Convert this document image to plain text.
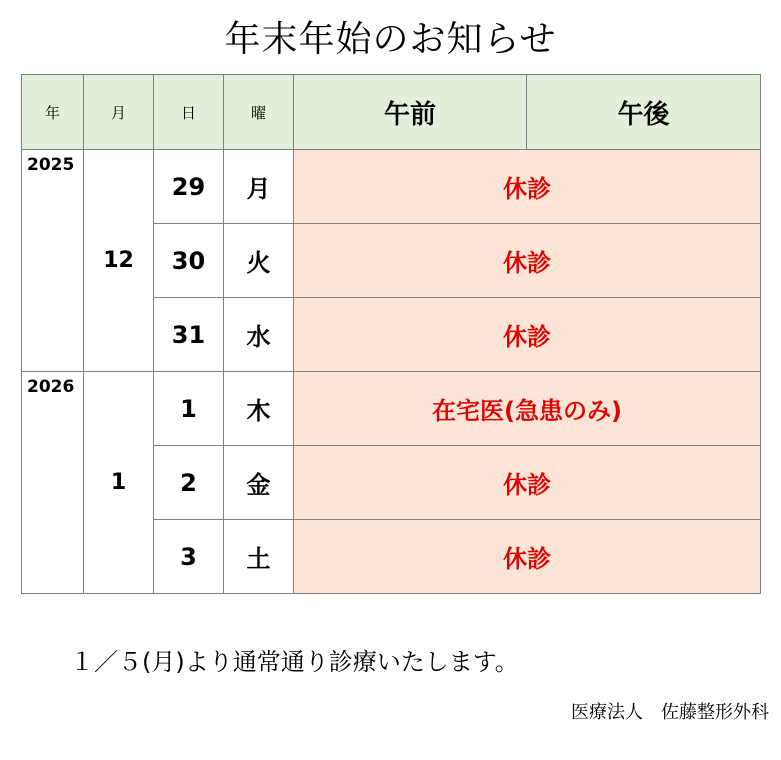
年末年始のお知らせ
年	月	日	曜	午前	午後
2025	12	29	月	休診	
		30	火	休診	
		31	水	休診	
2026	1	1	木	在宅医(急患のみ)	
		2	金	休診	
		3	土	休診	
１／５(月)より通常通り診療いたします。
医療法人　佐藤整形外科
